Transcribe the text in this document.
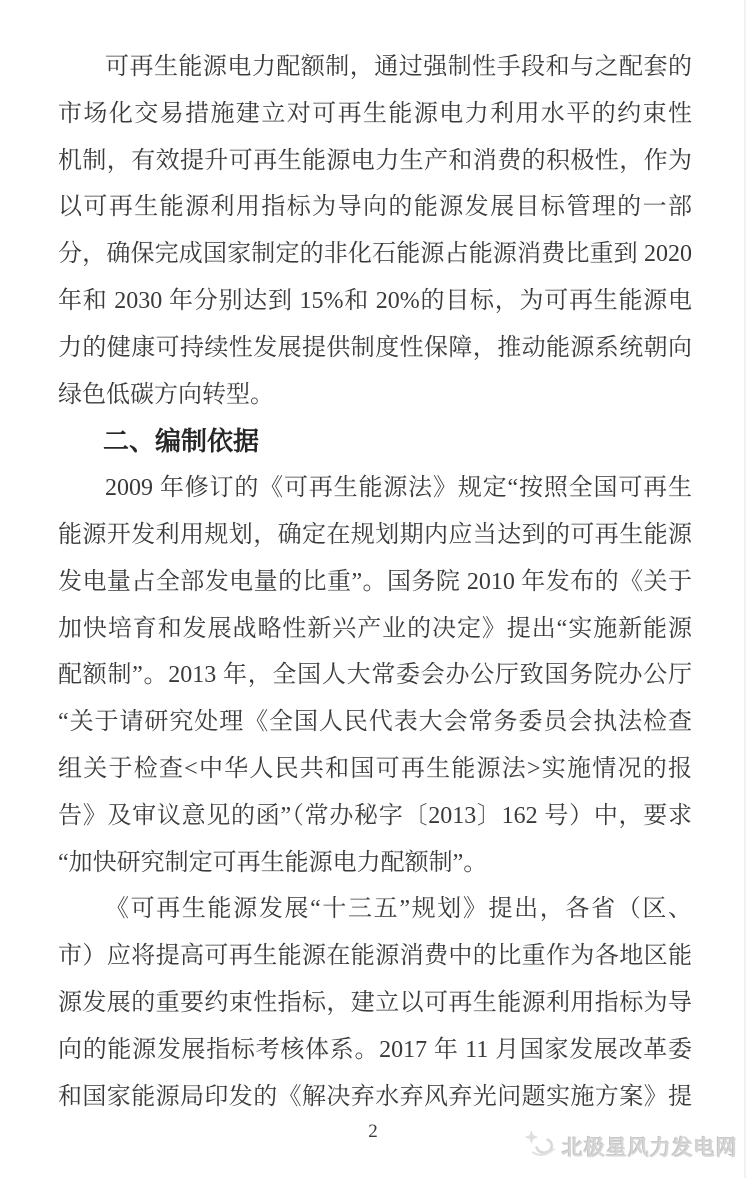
可再生能源电力配额制，通过强制性手段和与之配套的
市场化交易措施建立对可再生能源电力利用水平的约束性
机制，有效提升可再生能源电力生产和消费的积极性，作为
以可再生能源利用指标为导向的能源发展目标管理的一部
分，确保完成国家制定的非化石能源占能源消费比重到 2020
年和 2030 年分别达到 15%和 20%的目标，为可再生能源电
力的健康可持续性发展提供制度性保障，推动能源系统朝向
绿色低碳方向转型。
二、编制依据
2009 年修订的《可再生能源法》规定“按照全国可再生
能源开发利用规划，确定在规划期内应当达到的可再生能源
发电量占全部发电量的比重”。国务院 2010 年发布的《关于
加快培育和发展战略性新兴产业的决定》提出“实施新能源
配额制”。2013 年，全国人大常委会办公厅致国务院办公厅
“关于请研究处理《全国人民代表大会常务委员会执法检查
组关于检查<中华人民共和国可再生能源法>实施情况的报
告》及审议意见的函”（常办秘字〔2013〕162 号）中，要求
“加快研究制定可再生能源电力配额制”。
《可再生能源发展“十三五”规划》提出，各省（区、
市）应将提高可再生能源在能源消费中的比重作为各地区能
源发展的重要约束性指标，建立以可再生能源利用指标为导
向的能源发展指标考核体系。2017 年 11 月国家发展改革委
和国家能源局印发的《解决弃水弃风弃光问题实施方案》提
2
北极星风力发电网
